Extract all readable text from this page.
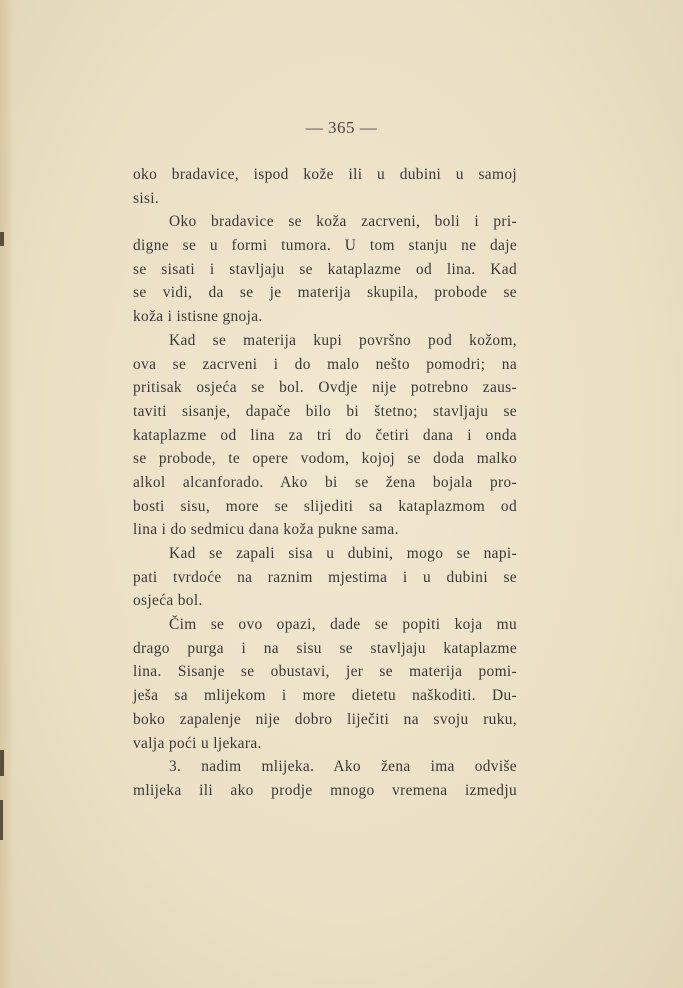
— 365 —
oko bradavice, ispod kože ili u dubini u samoj
sisi.
Oko bradavice se koža zacrveni, boli i pri-
digne se u formi tumora. U tom stanju ne daje
se sisati i stavljaju se kataplazme od lina. Kad
se vidi, da se je materija skupila, probode se
koža i istisne gnoja.
Kad se materija kupi površno pod kožom,
ova se zacrveni i do malo nešto pomodri; na
pritisak osjeća se bol. Ovdje nije potrebno zaus-
taviti sisanje, dapače bilo bi štetno; stavljaju se
kataplazme od lina za tri do četiri dana i onda
se probode, te opere vodom, kojoj se doda malko
alkol alcanforado. Ako bi se žena bojala pro-
bosti sisu, more se slijediti sa kataplazmom od
lina i do sedmicu dana koža pukne sama.
Kad se zapali sisa u dubini, mogo se napi-
pati tvrdoće na raznim mjestima i u dubini se
osjeća bol.
Čim se ovo opazi, dade se popiti koja mu
drago purga i na sisu se stavljaju kataplazme
lina. Sisanje se obustavi, jer se materija pomi-
ješa sa mlijekom i more dietetu naškoditi. Du-
boko zapalenje nije dobro liječiti na svoju ruku,
valja poći u ljekara.
3. nadim mlijeka. Ako žena ima odviše
mlijeka ili ako prodje mnogo vremena izmedju
